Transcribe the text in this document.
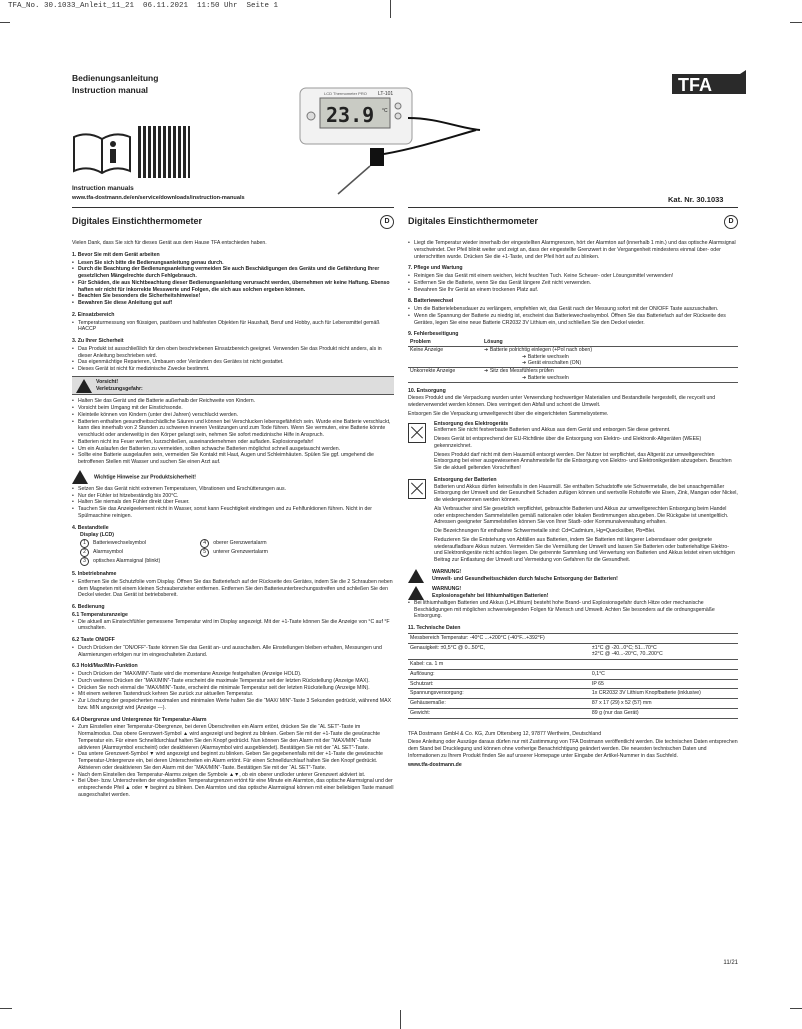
TFA_No. 30.1033_Anleit_11_21  06.11.2021  11:50 Uhr  Seite 1
Bedienungsanleitung
Instruction manual	TFA
LCD Thermometer PRO LT-101
23.9 °C
Instruction manuals
www.tfa-dostmann.de/en/service/downloads/instruction-manuals	Kat. Nr. 30.1033
Digitales Einstichthermometer	D	Digitales Einstichthermometer	D

Vielen Dank, dass Sie sich für dieses Gerät aus dem Hause TFA entschieden haben.

1. Bevor Sie mit dem Gerät arbeiten
• Lesen Sie sich bitte die Bedienungsanleitung genau durch.
• Durch die Beachtung der Bedienungsanleitung vermeiden Sie auch Beschädigungen des Geräts und die Gefährdung Ihrer gesetzlichen Mängelrechte durch Fehlgebrauch.
• Für Schäden, die aus Nichtbeachtung dieser Bedienungsanleitung verursacht werden, übernehmen wir keine Haftung. Ebenso haften wir nicht für inkorrekte Messwerte und Folgen, die sich aus solchen ergeben können.
• Beachten Sie besonders die Sicherheitshinweise!
• Bewahren Sie diese Anleitung gut auf!
2. Einsatzbereich
• Temperaturmessung von flüssigen, pastösen und halbfesten Objekten für Haushalt, Beruf und Hobby, auch für Lebensmittel gemäß HACCP
3. Zu Ihrer Sicherheit
• Das Produkt ist ausschließlich für den oben beschriebenen Einsatzbereich geeignet. Verwenden Sie das Produkt nicht anders, als in dieser Anleitung beschrieben wird.
• Das eigenmächtige Reparieren, Umbauen oder Verändern des Gerätes ist nicht gestattet.
• Dieses Gerät ist nicht für medizinische Zwecke bestimmt.
Vorsicht!
Verletzungsgefahr:
• Halten Sie das Gerät und die Batterie außerhalb der Reichweite von Kindern.
• Vorsicht beim Umgang mit der Einstichsonde.
• Kleinteile können von Kindern (unter drei Jahren) verschluckt werden.
• Batterien enthalten gesundheitsschädliche Säuren und können bei Verschlucken lebensgefährlich sein. Wurde eine Batterie verschluckt, kann dies innerhalb von 2 Stunden zu schweren inneren Verätzungen und zum Tode führen. Wenn Sie vermuten, eine Batterie könnte verschluckt oder anderweitig in den Körper gelangt sein, nehmen Sie sofort medizinische Hilfe in Anspruch.
• Batterien nicht ins Feuer werfen, kurzschließen, auseinandernehmen oder aufladen. Explosionsgefahr!
• Um ein Auslaufen der Batterien zu vermeiden, sollten schwache Batterien möglichst schnell ausgetauscht werden.
• Sollte eine Batterie ausgelaufen sein, vermeiden Sie Kontakt mit Haut, Augen und Schleimhäuten. Spülen Sie ggf. umgehend die betroffenen Stellen mit Wasser und suchen Sie einen Arzt auf.
Wichtige Hinweise zur Produktsicherheit!
• Setzen Sie das Gerät nicht extremen Temperaturen, Vibrationen und Erschütterungen aus.
• Nur der Fühler ist hitzebeständig bis 200°C.
• Halten Sie niemals den Fühler direkt über Feuer.
• Tauchen Sie das Anzeigeelement nicht in Wasser, sonst kann Feuchtigkeit eindringen und zu Fehlfunktionen führen. Nicht in der Spülmaschine reinigen.
4. Bestandteile
Display (LCD)
1 Batteriewechselsymbol
2 Alarmsymbol
3 optisches Alarmsignal (blinkt)
4 oberer Grenzwertalarm
5 unterer Grenzwertalarm
5. Inbetriebnahme
• Entfernen Sie die Schutzfolie vom Display. Öffnen Sie das Batteriefach auf der Rückseite des Gerätes, indem Sie die 2 Schrauben neben dem Magneten mit einem kleinen Schraubenzieher entfernen. Entfernen Sie den Batterieunterbrechungsstreifen und schließen Sie den Deckel wieder. Das Gerät ist betriebsbereit.
6. Bedienung
6.1 Temperaturanzeige
• Die aktuell am Einstechfühler gemessene Temperatur wird im Display angezeigt. Mit der +1-Taste können Sie die Anzeige von °C auf °F umschalten.
6.2 Taste ON/OFF
• Durch Drücken der “ON/OFF”-Taste können Sie das Gerät an- und ausschalten. Alle Einstellungen bleiben erhalten, Messungen und Alarmierungen erfolgen nur im eingeschalteten Zustand.
6.3 Hold/Max/Min-Funktion
• Durch Drücken der “MAX/MIN”-Taste wird die momentane Anzeige festgehalten (Anzeige HOLD).
• Durch weiteres Drücken der “MAX/MIN”-Taste erscheint die maximale Temperatur seit der letzten Rückstellung (Anzeige MAX).
• Drücken Sie noch einmal die “MAX/MIN”-Taste, erscheint die minimale Temperatur seit der letzten Rückstellung (Anzeige MIN).
• Mit einem weiteren Tastendruck kehren Sie zurück zur aktuellen Temperatur.
• Zur Löschung der gespeicherten maximalen und minimalen Werte halten Sie die “MAX/ MIN”-Taste 3 Sekunden gedrückt, während MAX bzw. MIN angezeigt wird (Anzeige ---).
6.4 Obergrenze und Untergrenze für Temperatur-Alarm
• Zum Einstellen einer Temperatur-Obergrenze, bei deren Überschreiten ein Alarm ertönt, drücken Sie die “AL SET”-Taste im Normalmodus. Das obere Grenzwert-Symbol ▲ wird angezeigt und beginnt zu blinken. Geben Sie mit der +1-Taste die gewünschte Temperatur ein. Für einen Schnelldurchlauf halten Sie den Knopf gedrückt. Nun können Sie den Alarm mit der “MAX/MIN”-Taste aktivieren (Alarmsymbol erscheint) oder deaktivieren (Alarmsymbol wird ausgeblendet). Bestätigen Sie mit der “AL SET”-Taste.
• Das untere Grenzwert-Symbol ▼ wird angezeigt und beginnt zu blinken. Geben Sie gegebenenfalls mit der +1-Taste die gewünschte Temperatur-Untergrenze ein, bei deren Unterschreiten ein Alarm ertönt. Für einen Schnelldurchlauf halten Sie den Knopf gedrückt. Aktivieren oder deaktivieren Sie den Alarm mit der “MAX/MIN”-Taste. Bestätigen Sie mit der “AL SET”-Taste.
• Nach dem Einstellen des Temperatur-Alarms zeigen die Symbole ▲▼, ob ein oberer und/oder unterer Grenzwert aktiviert ist.
• Bei Über- bzw. Unterschreiten der eingestellten Temperaturgrenzen ertönt für eine Minute ein Alarmton, das optische Alarmsignal und der entsprechende Pfeil ▲ oder ▼ beginnt zu blinken. Den Alarmton und das optische Alarmsignal können mit einer beliebigen Taste manuell ausgeschaltet werden.
• Liegt die Temperatur wieder innerhalb der eingestellten Alarmgrenzen, hört der Alarmton auf (innerhalb 1 min.) und das optische Alarmsignal verschwindet. Der Pfeil blinkt weiter und zeigt an, dass der eingestellte Grenzwert in der Vergangenheit mindestens einmal über- oder unterschritten wurde. Drücken Sie die +1-Taste, und der Pfeil hört auf zu blinken.
7. Pflege und Wartung
• Reinigen Sie das Gerät mit einem weichen, leicht feuchten Tuch. Keine Scheuer- oder Lösungsmittel verwenden!
• Entfernen Sie die Batterie, wenn Sie das Gerät längere Zeit nicht verwenden.
• Bewahren Sie Ihr Gerät an einem trockenen Platz auf.
8. Batteriewechsel
• Um die Batterielebensdauer zu verlängern, empfehlen wir, das Gerät nach der Messung sofort mit der ON/OFF Taste auszuschalten.
• Wenn die Spannung der Batterie zu niedrig ist, erscheint das Batteriewechselsymbol. Öffnen Sie das Batteriefach auf der Rückseite des Gerätes, legen Sie eine neue Batterie CR2032 3V Lithium ein, und schließen Sie den Deckel wieder.
9. Fehlerbeseitigung
Problem	Lösung
Keine Anzeige	➜ Batterie polrichtig einlegen (+Pol nach oben)
	➜ Batterie wechseln
	➜ Gerät einschalten (ON)
Unkorrekte Anzeige	➜ Sitz des Messfühlers prüfen
	➜ Batterie wechseln
10. Entsorgung

Dieses Produkt und die Verpackung wurden unter Verwendung hochwertiger Materialien und Bestandteile hergestellt, die recycelt und wiederverwendet werden können. Dies verringert den Abfall und schont die Umwelt.

Entsorgen Sie die Verpackung umweltgerecht über die eingerichteten Sammelsysteme.

Entsorgung des Elektrogeräts

Entfernen Sie nicht festverbaute Batterien und Akkus aus dem Gerät und entsorgen Sie diese getrennt.

Dieses Gerät ist entsprechend der EU-Richtlinie über die Entsorgung von Elektro- und Elektronik-Altgeräten (WEEE) gekennzeichnet.

Dieses Produkt darf nicht mit dem Hausmüll entsorgt werden. Der Nutzer ist verpflichtet, das Altgerät zur umweltgerechten Entsorgung bei einer ausgewiesenen Annahmestelle für die Entsorgung von Elektro- und Elektronikgeräten abzugeben. Beachten Sie die aktuell geltenden Vorschriften!

Entsorgung der Batterien

Batterien und Akkus dürfen keinesfalls in den Hausmüll. Sie enthalten Schadstoffe wie Schwermetalle, die bei unsachgemäßer Entsorgung der Umwelt und der Gesundheit Schaden zufügen können und wertvolle Rohstoffe wie Eisen, Zink, Mangan oder Nickel, die wiedergewonnen werden können.

Als Verbraucher sind Sie gesetzlich verpflichtet, gebrauchte Batterien und Akkus zur umweltgerechten Entsorgung beim Handel oder entsprechenden Sammelstellen gemäß nationalen oder lokalen Bestimmungen abzugeben. Die Rückgabe ist unentgeltlich. Adressen geeigneter Sammelstellen können Sie von Ihrer Stadt- oder Kommunalverwaltung erhalten.

Die Bezeichnungen für enthaltene Schwermetalle sind: Cd=Cadmium, Hg=Quecksilber, Pb=Blei.

Reduzieren Sie die Entstehung von Abfällen aus Batterien, indem Sie Batterien mit längerer Lebensdauer oder geeignete wiederaufladbare Akkus nutzen. Vermeiden Sie die Vermüllung der Umwelt und lassen Sie Batterien oder batteriehaltige Elektro- und Elektronikgeräte nicht achtlos liegen. Die getrennte Sammlung und Verwertung von Batterien und Akkus leistet einen wichtigen Beitrag zur Entlastung der Umwelt und Vermeidung von Gefahren für die Gesundheit.

WARNUNG!
Umwelt- und Gesundheitsschäden durch falsche Entsorgung der Batterien!
WARNUNG!
Explosionsgefahr bei lithiumhaltigen Batterien!
• Bei lithiumhaltigen Batterien und Akkus (Li=Lithium) besteht hohe Brand- und Explosionsgefahr durch Hitze oder mechanische Beschädigungen mit möglichen schwerwiegenden Folgen für Mensch und Umwelt. Achten Sie besonders auf die ordnungsgemäße Entsorgung.
11. Technische Daten
Messbereich Temperatur: -40°C ...+200°C (-40°F...+392°F)	
Genauigkeit: ±0,5°C @ 0...50°C,	±1°C @ -20...0°C; 51...70°C
±2°C @ -40...-20°C, 70..200°C
Kabel: ca. 1 m	
Auflösung:	0,1°C
Schutzart:	IP 65
Spannungsversorgung:	1x CR2032 3V Lithium Knopfbatterie (inklusive)
Gehäusemaße:	87 x 17 (29) x 52 (57) mm
Gewicht:	89 g (nur das Gerät)

TFA Dostmann GmbH & Co. KG, Zum Ottersberg 12, 97877 Wertheim, Deutschland

Diese Anleitung oder Auszüge daraus dürfen nur mit Zustimmung von TFA Dostmann veröffentlicht werden. Die technischen Daten entsprechen dem Stand bei Drucklegung und können ohne vorherige Benachrichtigung geändert werden. Die neuesten technischen Daten und Informationen zu Ihrem Produkt finden Sie auf unserer Homepage unter Eingabe der Artikel-Nummer in das Suchfeld.

www.tfa-dostmann.de
11/21
